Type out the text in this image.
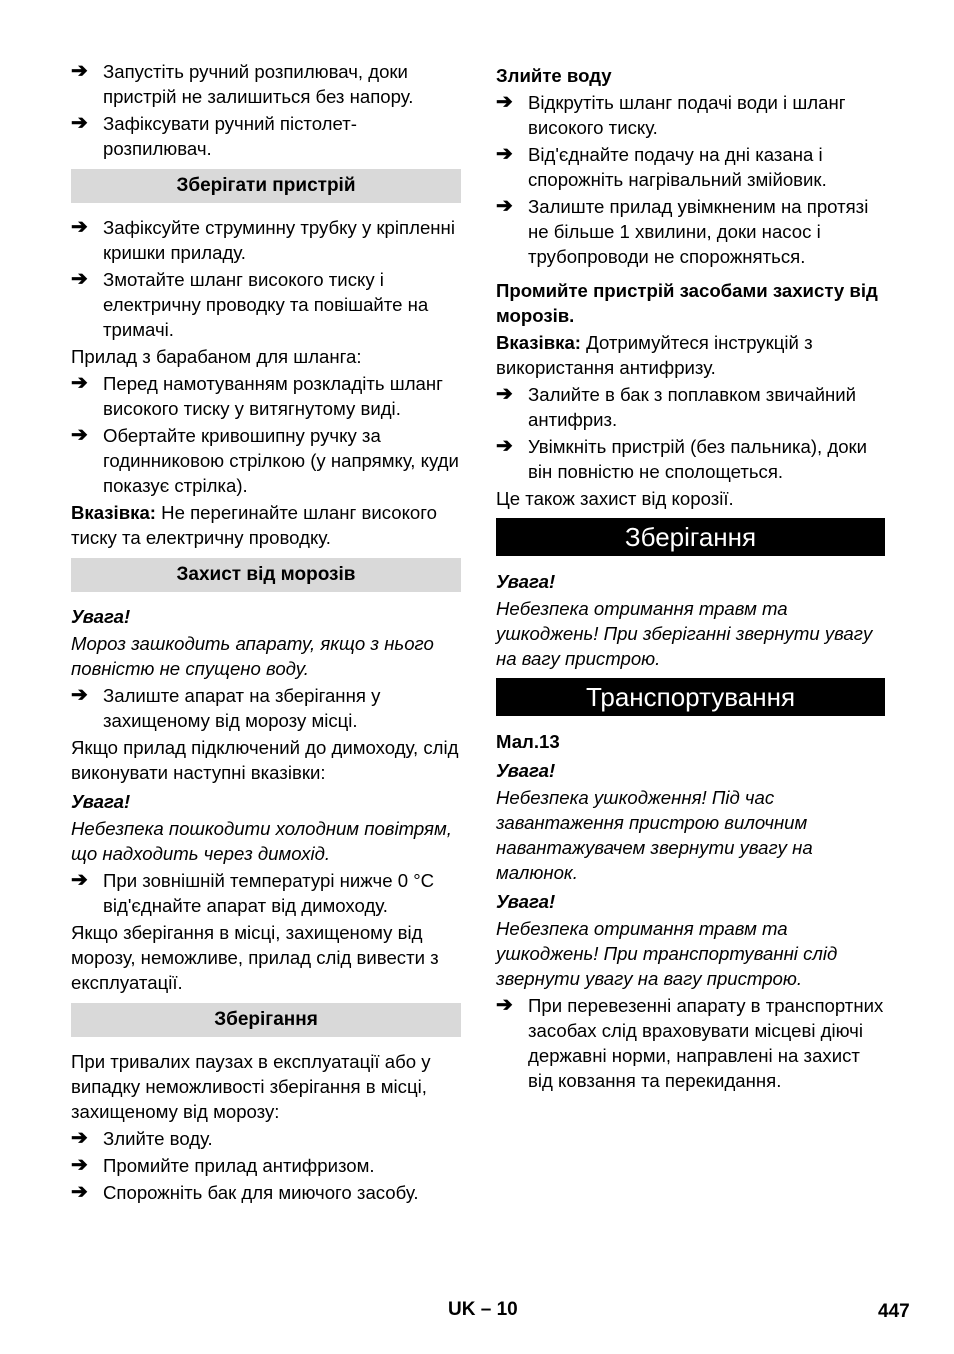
➔ Запустіть ручний розпилювач, доки пристрій не залишиться без напору.
➔ Зафіксувати ручний пістолет-розпилювач.
Зберігати пристрій
➔ Зафіксуйте струминну трубку у кріпленні кришки приладу.
➔ Змотайте шланг високого тиску і електричну проводку та повішайте на тримачі.
Прилад з барабаном для шланга:
➔ Перед намотуванням розкладіть шланг високого тиску у витягнутому виді.
➔ Обертайте кривошипну ручку за годинниковою стрілкою (у напрямку, куди показує стрілка).
Вказівка: Не перегинайте шланг високого тиску та електричну проводку.
Захист від морозів
Увага!
Мороз зашкодить апарату, якщо з нього повністю не спущено воду.
➔ Залиште апарат на зберігання у захищеному від морозу місці.
Якщо прилад підключений до димоходу, слід виконувати наступні вказівки:
Увага!
Небезпека пошкодити холодним повітрям, що надходить через димохід.
➔ При зовнішній температурі нижче 0 °C від'єднайте апарат від димоходу.
Якщо зберігання в місці, захищеному від морозу, неможливе, прилад слід вивести з експлуатації.
Зберігання
При тривалих паузах в експлуатації або у випадку неможливості зберігання в місці, захищеному від морозу:
➔ Злийте воду.
➔ Промийте прилад антифризом.
➔ Спорожніть бак для миючого засобу.
Злийте воду
➔ Відкрутіть шланг подачі води і шланг високого тиску.
➔ Від'єднайте подачу на дні казана і спорожніть нагрівальний змійовик.
➔ Залиште прилад увімкненим на протязі не більше 1 хвилини, доки насос і трубопроводи не спорожняться.
Промийте пристрій засобами захисту від морозів.
Вказівка: Дотримуйтеся інструкцій з використання антифризу.
➔ Залийте в бак з поплавком звичайний антифриз.
➔ Увімкніть пристрій (без пальника), доки він повністю не сполощеться.
Це також захист від корозії.
Зберігання
Увага!
Небезпека отримання травм та ушкоджень! При зберіганні звернути увагу на вагу пристрою.
Транспортування
Мал.13
Увага!
Небезпека ушкодження! Під час завантаження пристрою вилочним навантажувачем звернути увагу на малюнок.
Увага!
Небезпека отримання травм та ушкоджень! При транспортуванні слід звернути увагу на вагу пристрою.
➔ При перевезенні апарату в транспортних засобах слід враховувати місцеві діючі державні норми, направлені на захист від ковзання та перекидання.
UK – 10	447
